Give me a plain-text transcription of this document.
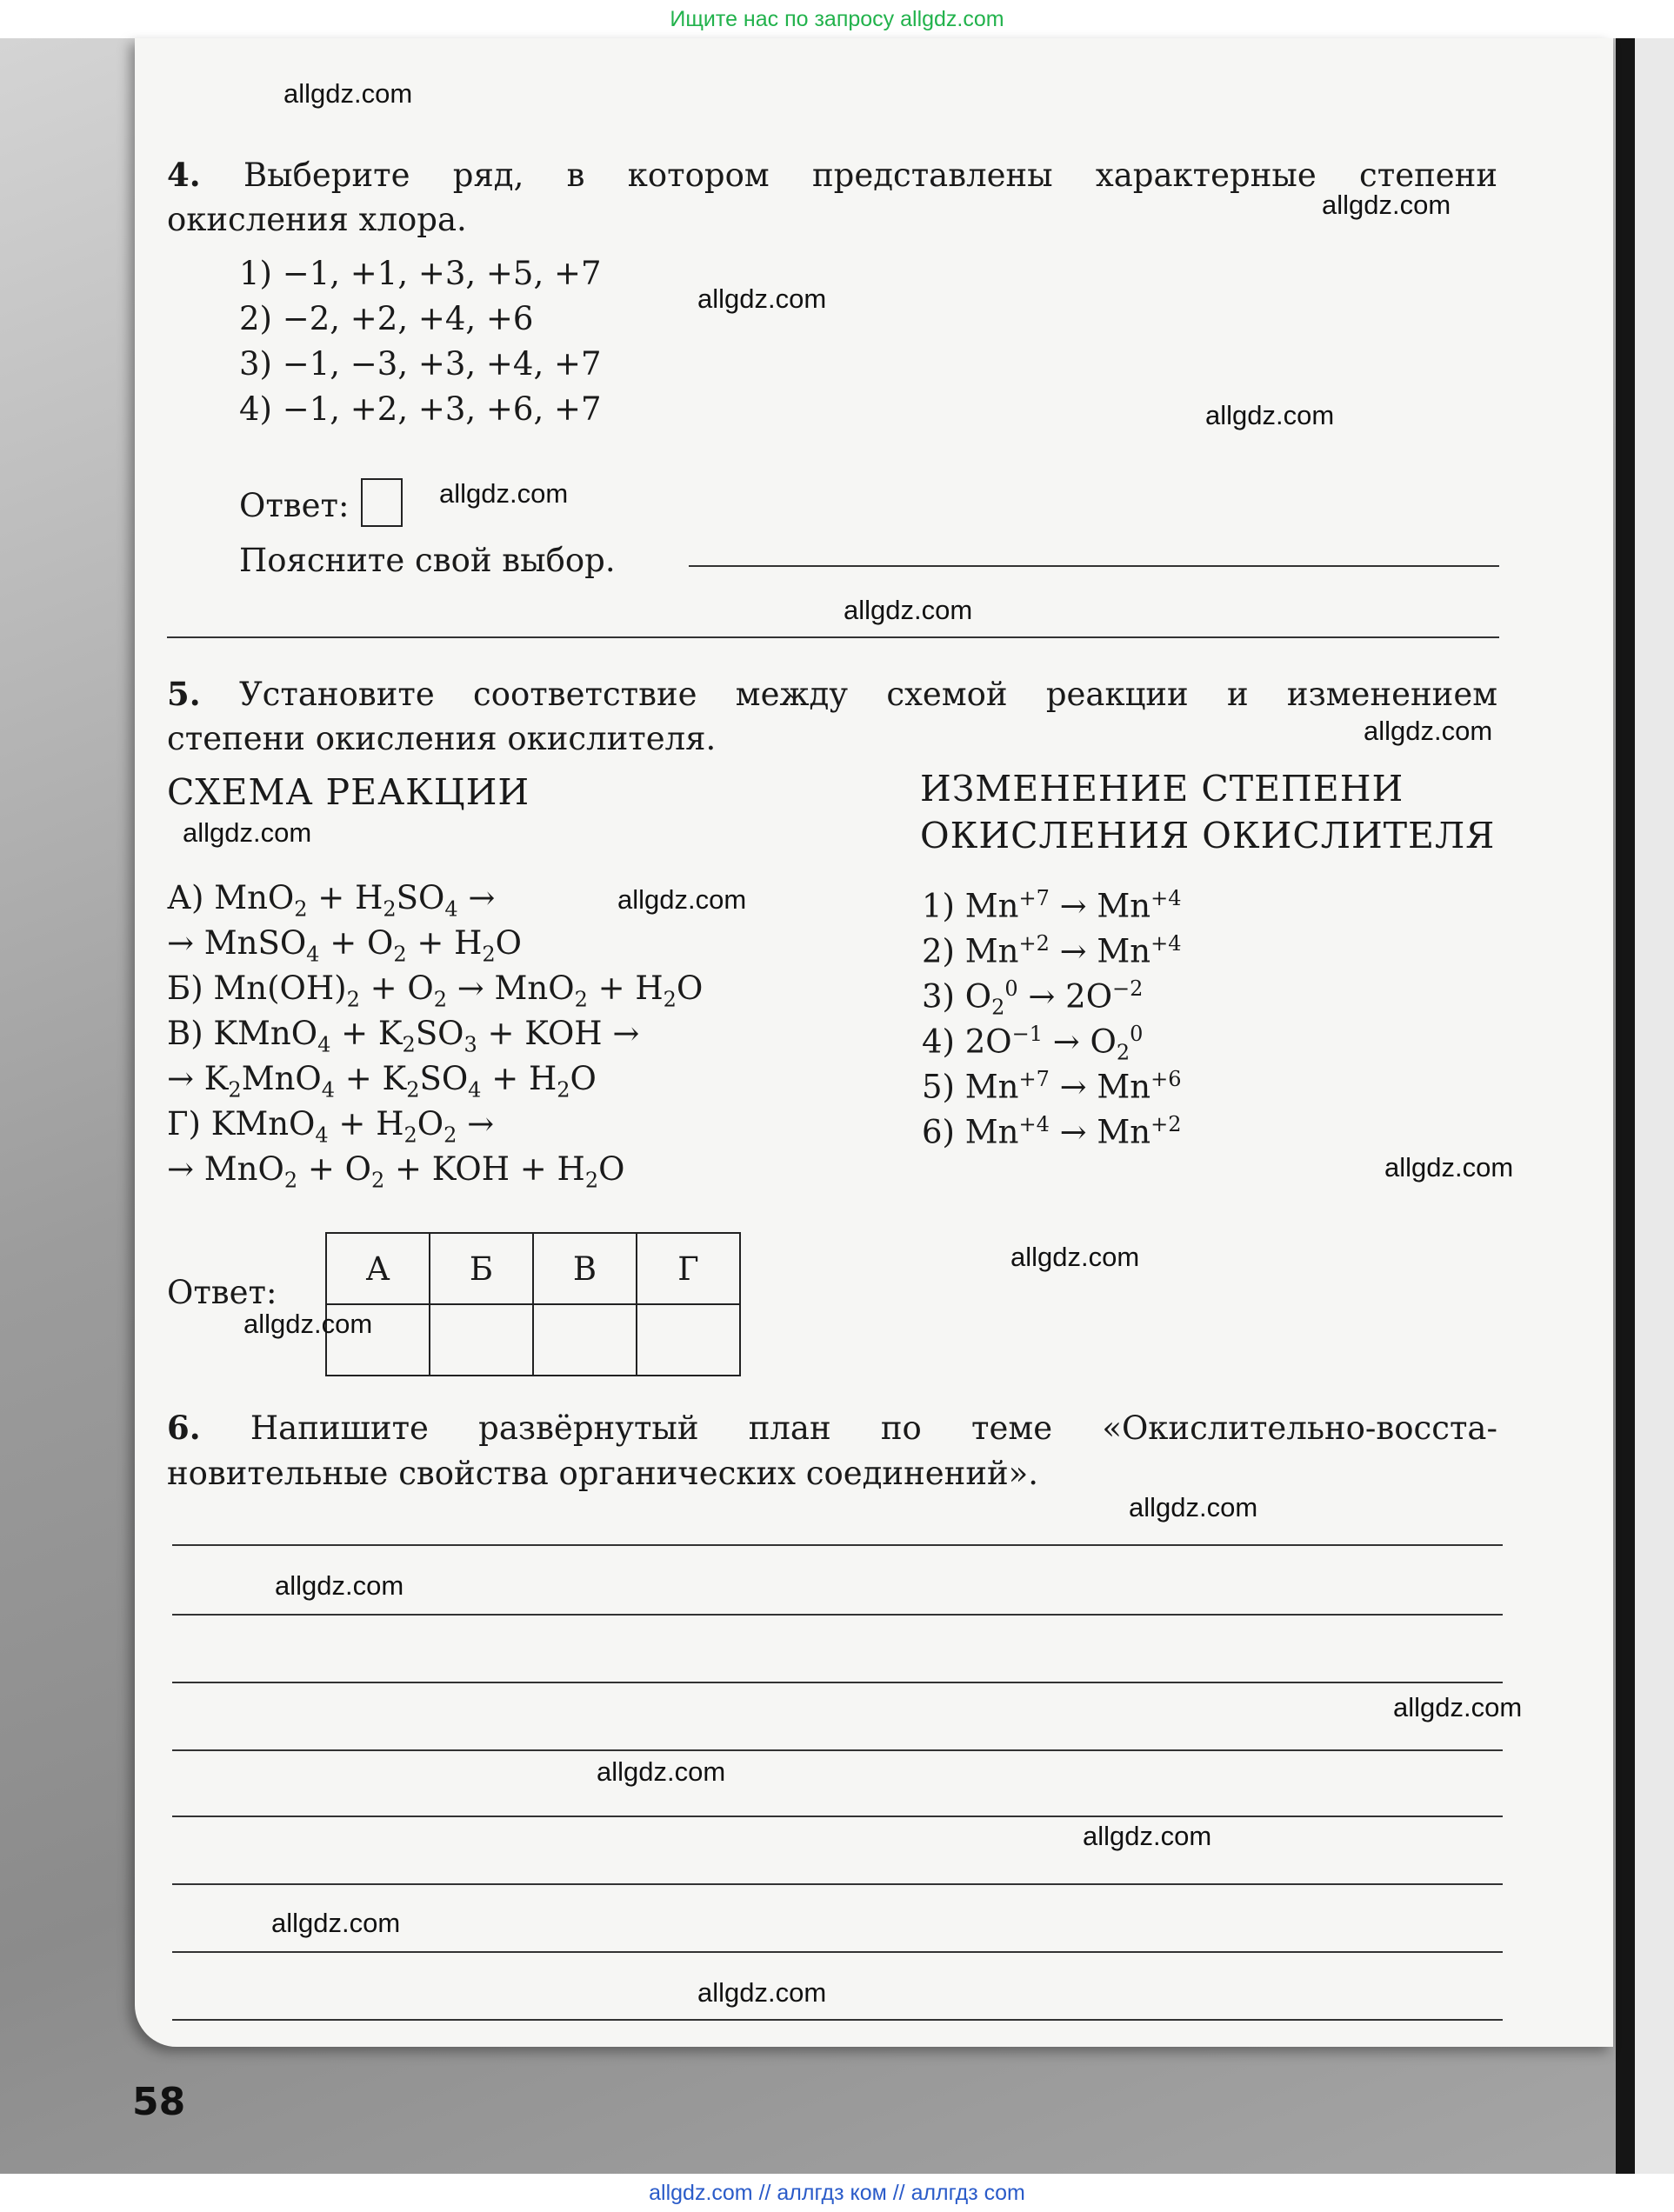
Ищите нас по запросу allgdz.com
4. Выберите ряд, в котором представлены характерные степени
окисления хлора.
1) −1, +1, +3, +5, +7
2) −2, +2, +4, +6
3) −1, −3, +3, +4, +7
4) −1, +2, +3, +6, +7
Ответ:
Поясните свой выбор.
5. Установите соответствие между схемой реакции и изменением
степени окисления окислителя.
СХЕМА РЕАКЦИИ	ИЗМЕНЕНИЕ СТЕПЕНИ
ОКИСЛЕНИЯ ОКИСЛИТЕЛЯ
А) $MnO_2 + H_2SO_4$ →
→ MnSO$_4$ + $O_2 + H_2O$
Б) $Mn(OH)_2 + O_2 \to MnO_2 + H_2O$
В) KMnO$_4$ + $K_2SO_3$ + KOH →
→ $K_2MnO_4 + K_2SO_4 + H_2O$
Г) KMnO$_4$ + $H_2O_2$ →
→ $MnO_2 + O_2$ + KOH + $H_2O$
1) $Mn^{+7} \to Mn^{+4}$
2) $Mn^{+2} \to Mn^{+4}$
3) $O_2^0 \to 2O^{-2}$
4) $2O^{-1} \to O_2^0$
5) $Mn^{+7} \to Mn^{+6}$
6) $Mn^{+4} \to Mn^{+2}$
Ответ:
А	Б	В	Г

6. Напишите развёрнутый план по теме «Окислительно-восста-
новительные свойства органических соединений».
58
allgdz.com
allgdz.com
allgdz.com
allgdz.com
allgdz.com
allgdz.com
allgdz.com
allgdz.com
allgdz.com
allgdz.com
allgdz.com
allgdz.com
allgdz.com
allgdz.com
allgdz.com
allgdz.com
allgdz.com
allgdz.com
allgdz.com
allgdz.com // аллгдз ком // аллгдз com
